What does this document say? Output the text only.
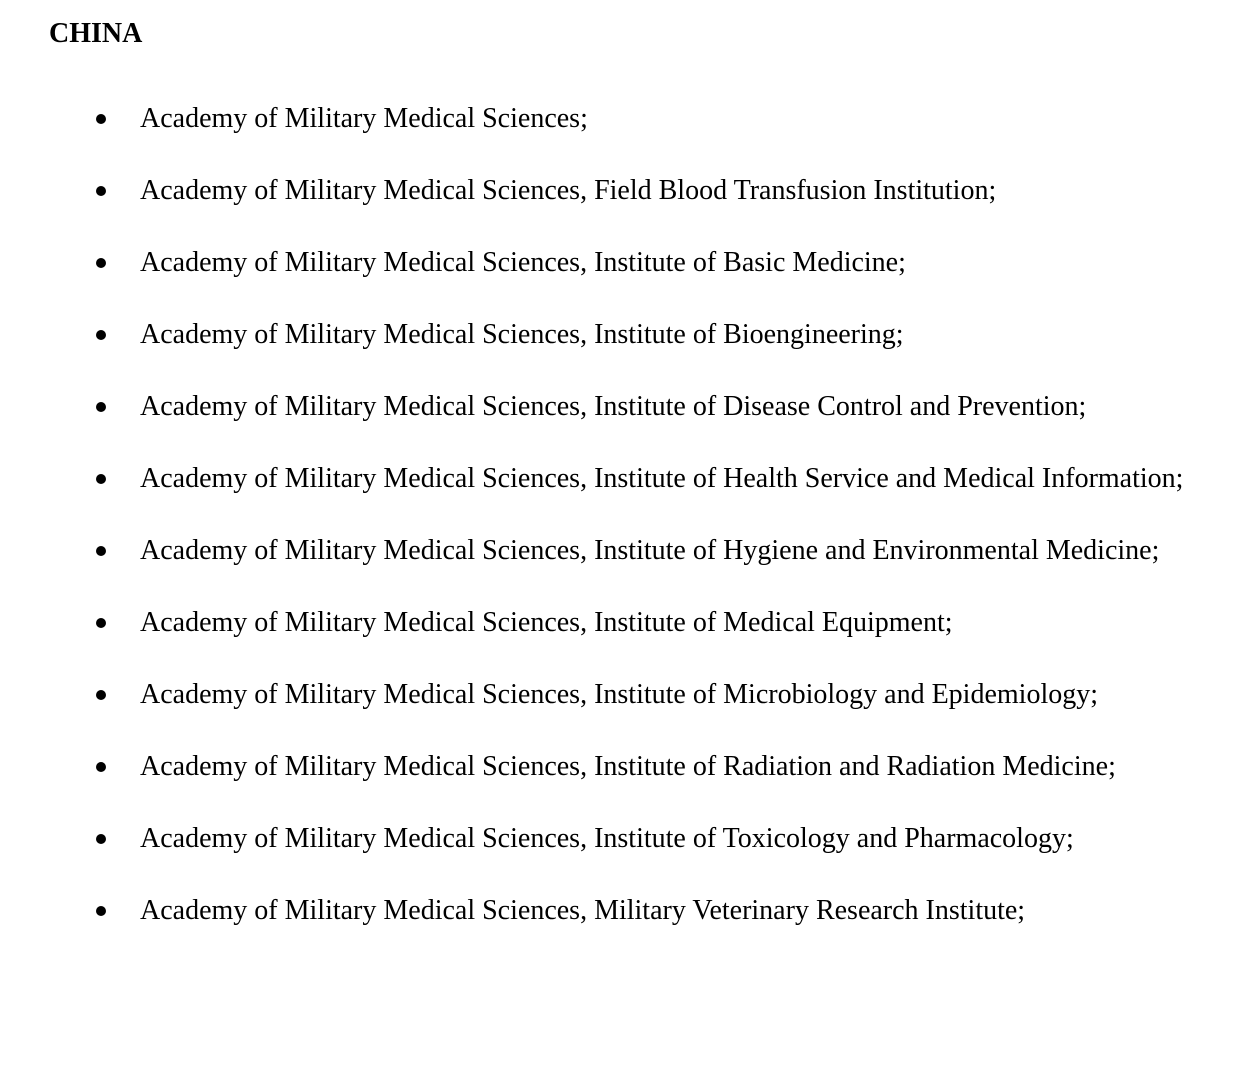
CHINA
Academy of Military Medical Sciences;
Academy of Military Medical Sciences, Field Blood Transfusion Institution;
Academy of Military Medical Sciences, Institute of Basic Medicine;
Academy of Military Medical Sciences, Institute of Bioengineering;
Academy of Military Medical Sciences, Institute of Disease Control and Prevention;
Academy of Military Medical Sciences, Institute of Health Service and Medical Information;
Academy of Military Medical Sciences, Institute of Hygiene and Environmental Medicine;
Academy of Military Medical Sciences, Institute of Medical Equipment;
Academy of Military Medical Sciences, Institute of Microbiology and Epidemiology;
Academy of Military Medical Sciences, Institute of Radiation and Radiation Medicine;
Academy of Military Medical Sciences, Institute of Toxicology and Pharmacology;
Academy of Military Medical Sciences, Military Veterinary Research Institute;
